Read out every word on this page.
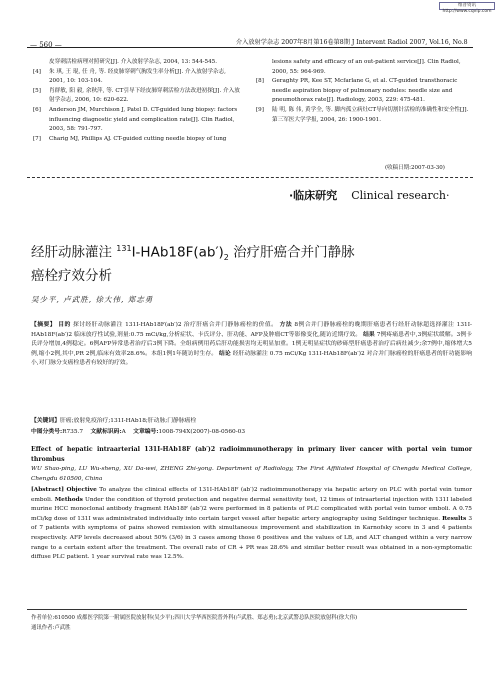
维普资讯 http://www.cqvip.com
— 560 —	介入放射学杂志 2007年8月第16卷第8期 J Intervent Radiol 2007, Vol.16, No.8
皮穿刺活检病理对照研究[J]. 介入放射学杂志, 2004, 13: 544-545.
[4]	朱 琪, 王 琨, 任 舟, 等. 经皮肺穿刺气胸发生率分析[J]. 介入放射学杂志, 2001, 10: 103-104.
[5]	肖群敏, 阳 毅, 余秋萍, 等. CT引导下经皮肺穿刺活检方法改进初探[J]. 介入放射学杂志, 2006, 10: 620-622.
[6]	Anderson JM, Murchison J, Patel D. CT-guided lung biopsy: factors influencing diagnostic yield and complication rate[J]. Clin Radiol, 2003, 58: 791-797.
[7]	Charig MJ, Phillips AJ. CT-guided cutting needle biopsy of lung
lesions safety and efficacy of an out-patient service[J]. Clin Radiol, 2000, 55: 964-969.
[8]	Geraghty PR, Kee ST, Mcfarlane G, et al. CT-guided transthoracic needle aspiration biopsy of pulmonary nodules: needle size and pneumothorax rate[J]. Radiology, 2003, 229: 475-481.
[9]	陆 明, 陈 伟, 黄学全, 等. 脚内孤立病灶CT导向切割针活检的准确性和安全性[J]. 第三军医大学学报, 2004, 26: 1900-1901.
(收稿日期:2007-03-30)
·临床研究 Clinical research·
经肝动脉灌注 $^{131}I-HAb18F(ab')_2$ 治疗肝癌合并门静脉
癌栓疗效分析
吴少平, 卢武胜, 徐大伟, 郑志勇
【摘要】 目的 探讨经肝动脉灌注 131I-HAb18F(ab′)2 治疗肝癌合并门静脉癌栓的价值。 方法 8例合并门静脉癌栓的晚期肝癌患者行经肝动脉超选择灌注 131I-HAb18F(ab′)2 临床放疗性试验,剂量:0.75 mCi/kg,分析症状、卡氏评分、肝功能、AFP及肿瘤CT等影像变化,随访近期疗效。 结果 7例疼痛患者中,3例症状缓解。3例卡氏评分增加,4例稳定。6例AFP异常患者治疗后3例下降。全组病例用药后肝功能损害均无明显加重。1例无明显症状的砂砾型肝癌患者治疗后病灶减少;余7例中,缩体增大5例,缩小2例,其中,PR 2例,临床有效率28.6%。本组1例1年随访时生存。 结论 经肝动脉灌注 0.75 mCi/Kg 131I-HAb18F(ab′)2 对合并门脉癌栓的肝癌患者的肝功能影响小,对门脉分支癌栓患者有较好的疗效。
【关键词】肝癌;放射免疫治疗;131I-HAb18;肝动脉;门静脉癌栓
中图分类号:R735.7 文献标识码:A 文章编号:1008-794X(2007)-08-0560-03
Effect of hepatic intraarterial 131I-HAb18F (ab′)2 radioimmunotherapy in primary liver cancer with portal vein tumor thrombus
WU Shao-ping, LU Wu-sheng, XU Da-wei, ZHENG Zhi-yong. Department of Radiology, The First Affiliated Hospital of Chengdu Medical College, Chengdu 610500, China
[Abstract] Objective To analyze the clinical effects of 131I-HAb18F (ab′)2 radioimmunotherapy via hepatic artery on PLC with portal vein tumor emboli. Methods Under the condition of thyroid protection and negative dermal sensitivity test, 12 times of intraarterial injection with 131I labeled murine HCC monoclonal antibody fragment HAb18F (ab′)2 were performed in 8 patients of PLC complicated with portal vein tumor emboli. A 0.75 mCi/kg dose of 131I was administrated individually into certain target vessel after hepatic artery angiography using Seldinger technique. Results 3 of 7 patients with symptoms of pains showed remission with simultaneous improvement and stabilization in Karnofsky score in 3 and 4 patients respectively. AFP levels decreased about 50% (3/6) in 3 cases among those 6 positives and the values of LB, and ALT changed within a very narrow range to a certain extent after the treatment. The overall rate of CR + PR was 28.6% and similar better result was obtained in a non-symptomatic diffuse PLC patient. 1 year survival rate was 12.5%.
作者单位:610500 成都医学院第一附属医院放射科(吴少平);四川大学华西医院普外科(卢武胜、郑志勇);北京武警总队医院放射科(徐大伟)
通讯作者:卢武胜
